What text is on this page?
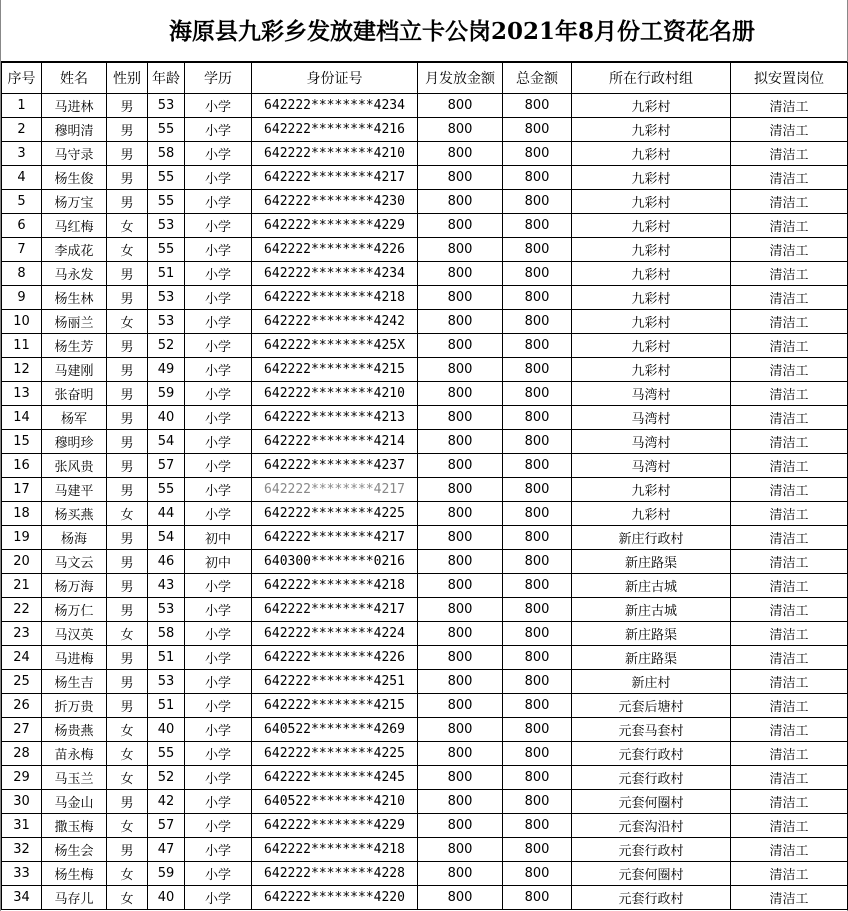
海原县九彩乡发放建档立卡公岗2021年8月份工资花名册
序号	姓名	性别	年龄	学历	身份证号	月发放金额	总金额	所在行政村组	拟安置岗位
1	马进林	男	53	小学	642222********4234	800	800	九彩村	清洁工
2	穆明清	男	55	小学	642222********4216	800	800	九彩村	清洁工
3	马守录	男	58	小学	642222********4210	800	800	九彩村	清洁工
4	杨生俊	男	55	小学	642222********4217	800	800	九彩村	清洁工
5	杨万宝	男	55	小学	642222********4230	800	800	九彩村	清洁工
6	马红梅	女	53	小学	642222********4229	800	800	九彩村	清洁工
7	李成花	女	55	小学	642222********4226	800	800	九彩村	清洁工
8	马永发	男	51	小学	642222********4234	800	800	九彩村	清洁工
9	杨生林	男	53	小学	642222********4218	800	800	九彩村	清洁工
10	杨丽兰	女	53	小学	642222********4242	800	800	九彩村	清洁工
11	杨生芳	男	52	小学	642222********425X	800	800	九彩村	清洁工
12	马建刚	男	49	小学	642222********4215	800	800	九彩村	清洁工
13	张奋明	男	59	小学	642222********4210	800	800	马湾村	清洁工
14	杨军	男	40	小学	642222********4213	800	800	马湾村	清洁工
15	穆明珍	男	54	小学	642222********4214	800	800	马湾村	清洁工
16	张风贵	男	57	小学	642222********4237	800	800	马湾村	清洁工
17	马建平	男	55	小学	642222********4217	800	800	九彩村	清洁工
18	杨买燕	女	44	小学	642222********4225	800	800	九彩村	清洁工
19	杨海	男	54	初中	642222********4217	800	800	新庄行政村	清洁工
20	马文云	男	46	初中	640300********0216	800	800	新庄路渠	清洁工
21	杨万海	男	43	小学	642222********4218	800	800	新庄古城	清洁工
22	杨万仁	男	53	小学	642222********4217	800	800	新庄古城	清洁工
23	马汉英	女	58	小学	642222********4224	800	800	新庄路渠	清洁工
24	马进梅	男	51	小学	642222********4226	800	800	新庄路渠	清洁工
25	杨生吉	男	53	小学	642222********4251	800	800	新庄村	清洁工
26	折万贵	男	51	小学	642222********4215	800	800	元套后塘村	清洁工
27	杨贵燕	女	40	小学	640522********4269	800	800	元套马套村	清洁工
28	苗永梅	女	55	小学	642222********4225	800	800	元套行政村	清洁工
29	马玉兰	女	52	小学	642222********4245	800	800	元套行政村	清洁工
30	马金山	男	42	小学	640522********4210	800	800	元套何圈村	清洁工
31	撒玉梅	女	57	小学	642222********4229	800	800	元套沟沿村	清洁工
32	杨生会	男	47	小学	642222********4218	800	800	元套行政村	清洁工
33	杨生梅	女	59	小学	642222********4228	800	800	元套何圈村	清洁工
34	马存儿	女	40	小学	642222********4220	800	800	元套行政村	清洁工
